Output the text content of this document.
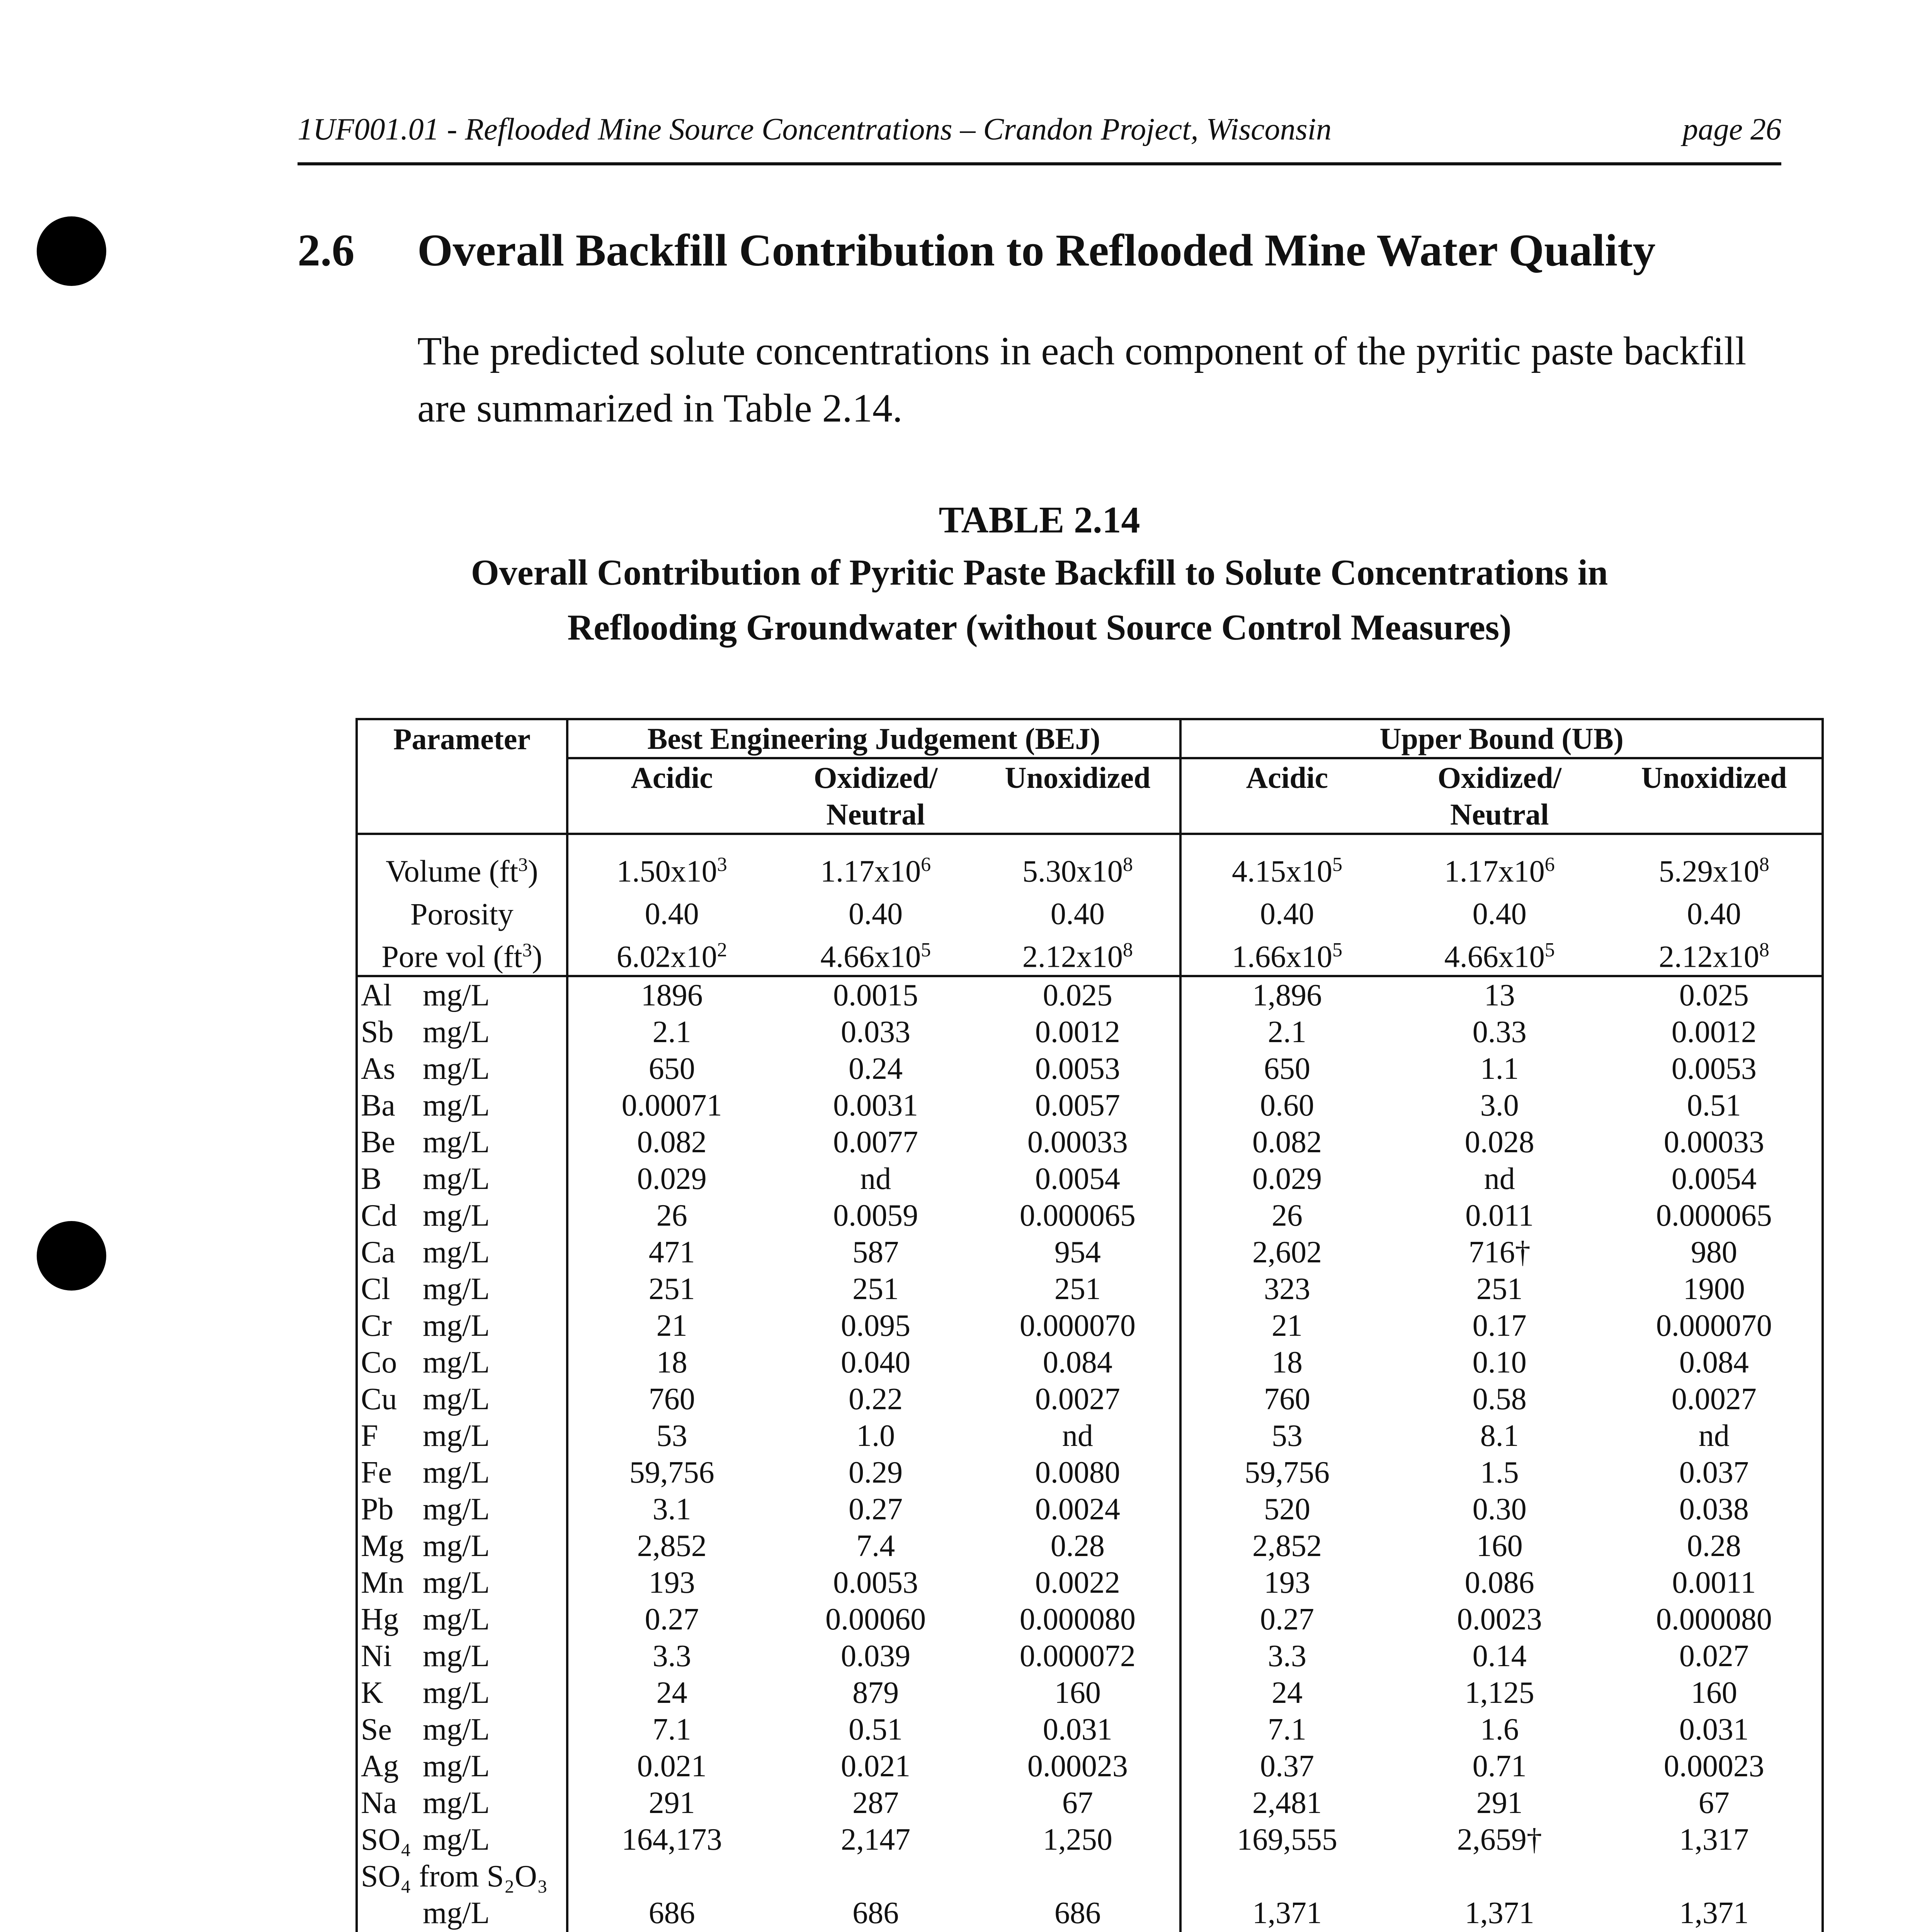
1UF001.01 - Reflooded Mine Source Concentrations – Crandon Project, Wisconsin	page 26
2.6 Overall Backfill Contribution to Reflooded Mine Water Quality
The predicted solute concentrations in each component of the pyritic paste backfill are summarized in Table 2.14.
TABLE 2.14
Overall Contribution of Pyritic Paste Backfill to Solute Concentrations in
Reflooding Groundwater (without Source Control Measures)
Parameter	Best Engineering Judgement (BEJ)			Upper Bound (UB)		
	Acidic	Oxidized/	Unoxidized	Acidic	Oxidized/	Unoxidized
		Neutral			Neutral	
Volume $(ft^3)$	$1.50x10^3$	$1.17x10^6$	$5.30x10^8$	$4.15x10^5$	$1.17x10^6$	$5.29x10^8$
Porosity	0.40	0.40	0.40	0.40	0.40	0.40
Pore vol $(ft^3)$	$6.02x10^2$	$4.66x10^5$	$2.12x10^8$	$1.66x10^5$	$4.66x10^5$	$2.12x10^8$
Al mg/L	1896	0.0015	0.025	1,896	13	0.025
Sb mg/L	2.1	0.033	0.0012	2.1	0.33	0.0012
As mg/L	650	0.24	0.0053	650	1.1	0.0053
Ba mg/L	0.00071	0.0031	0.0057	0.60	3.0	0.51
Be mg/L	0.082	0.0077	0.00033	0.082	0.028	0.00033
B mg/L	0.029	nd	0.0054	0.029	nd	0.0054
Cd mg/L	26	0.0059	0.000065	26	0.011	0.000065
Ca mg/L	471	587	954	2,602	716†	980
Cl mg/L	251	251	251	323	251	1900
Cr mg/L	21	0.095	0.000070	21	0.17	0.000070
Co mg/L	18	0.040	0.084	18	0.10	0.084
Cu mg/L	760	0.22	0.0027	760	0.58	0.0027
F mg/L	53	1.0	nd	53	8.1	nd
Fe mg/L	59,756	0.29	0.0080	59,756	1.5	0.037
Pb mg/L	3.1	0.27	0.0024	520	0.30	0.038
Mg mg/L	2,852	7.4	0.28	2,852	160	0.28
Mn mg/L	193	0.0053	0.0022	193	0.086	0.0011
Hg mg/L	0.27	0.00060	0.000080	0.27	0.0023	0.000080
Ni mg/L	3.3	0.039	0.000072	3.3	0.14	0.027
K mg/L	24	879	160	24	1,125	160
Se mg/L	7.1	0.51	0.031	7.1	1.6	0.031
Ag mg/L	0.021	0.021	0.00023	0.37	0.71	0.00023
Na mg/L	291	287	67	2,481	291	67
SO₄ mg/L	164,173	2,147	1,250	169,555	2,659†	1,317
SO₄ from S₂O₃						
mg/L	686	686	686	1,371	1,371	1,371
